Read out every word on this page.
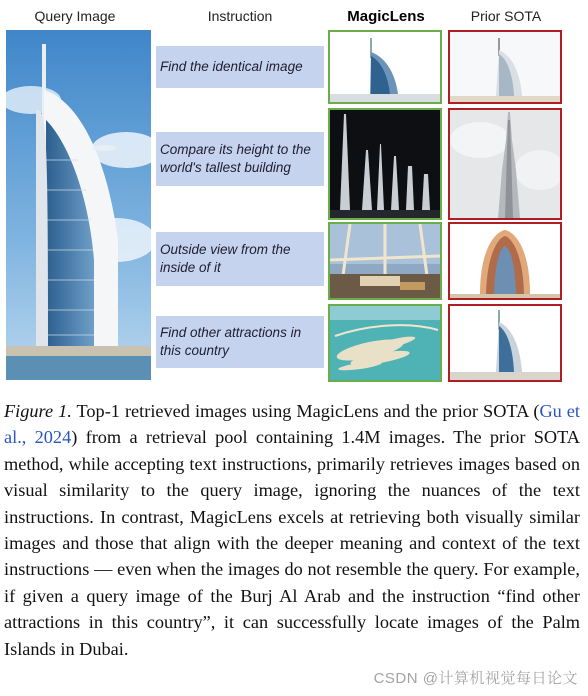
Query Image	Instruction	MagicLens	Prior SOTA
Find the identical image
Compare its height to the world's tallest building
Outside view from the inside of it
Find other attractions in this country
Figure 1. Top-1 retrieved images using MagicLens and the prior SOTA (Gu et al., 2024) from a retrieval pool containing 1.4M images. The prior SOTA method, while accepting text instructions, primarily retrieves images based on visual similarity to the query image, ignoring the nuances of the text instructions. In contrast, MagicLens excels at retrieving both visually similar images and those that align with the deeper meaning and context of the text instructions — even when the images do not resemble the query. For example, if given a query image of the Burj Al Arab and the instruction “find other attractions in this country”, it can successfully locate images of the Palm Islands in Dubai.
CSDN @计算机视觉每日论文
